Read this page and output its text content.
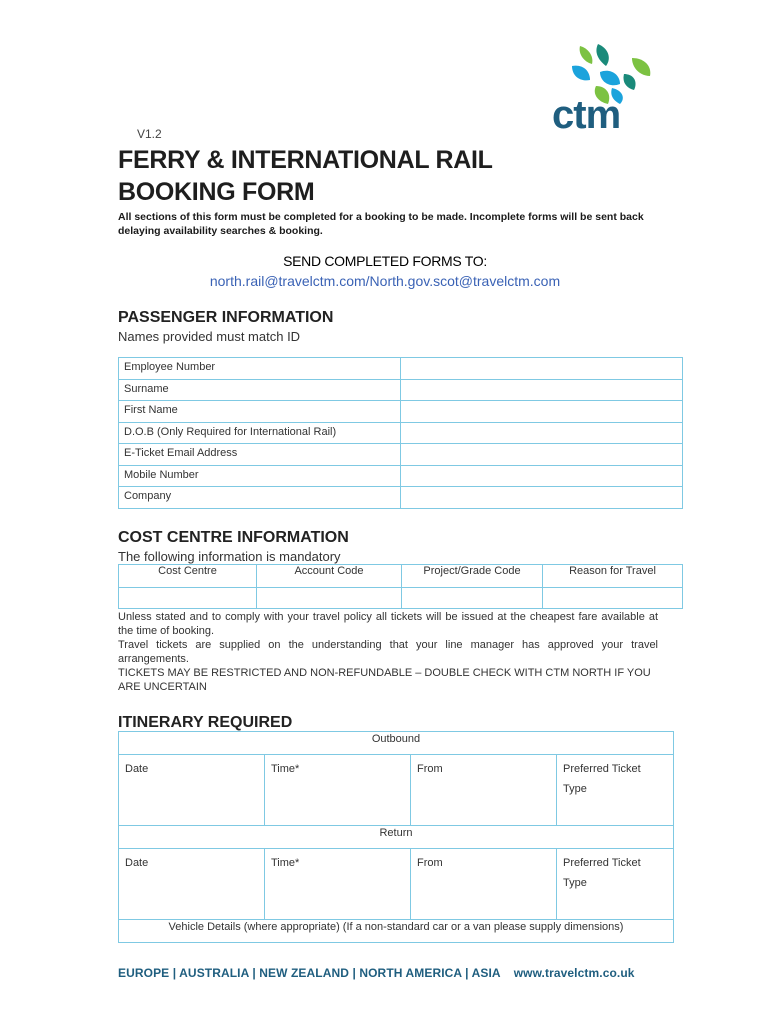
V1.2	ctm
FERRY & INTERNATIONAL RAIL
BOOKING FORM
All sections of this form must be completed for a booking to be made. Incomplete forms will be sent back delaying availability searches & booking.
SEND COMPLETED FORMS TO:
north.rail@travelctm.com/North.gov.scot@travelctm.com
PASSENGER INFORMATION
Names provided must match ID
Employee Number	
Surname	
First Name	
D.O.B (Only Required for International Rail)	
E-Ticket Email Address	
Mobile Number	
Company	
COST CENTRE INFORMATION
The following information is mandatory
Cost Centre	Account Code	Project/Grade Code	Reason for Travel

Unless stated and to comply with your travel policy all tickets will be issued at the cheapest fare available at the time of booking.
Travel tickets are supplied on the understanding that your line manager has approved your travel arrangements.
TICKETS MAY BE RESTRICTED AND NON-REFUNDABLE – DOUBLE CHECK WITH CTM NORTH IF YOU ARE UNCERTAIN
ITINERARY REQUIRED
Outbound			
Date	Time*	From	Preferred Ticket Type
Return			
Date	Time*	From	Preferred Ticket Type
Vehicle Details (where appropriate) (If a non-standard car or a van please supply dimensions)			
EUROPE | AUSTRALIA | NEW ZEALAND | NORTH AMERICA | ASIA www.travelctm.co.uk
